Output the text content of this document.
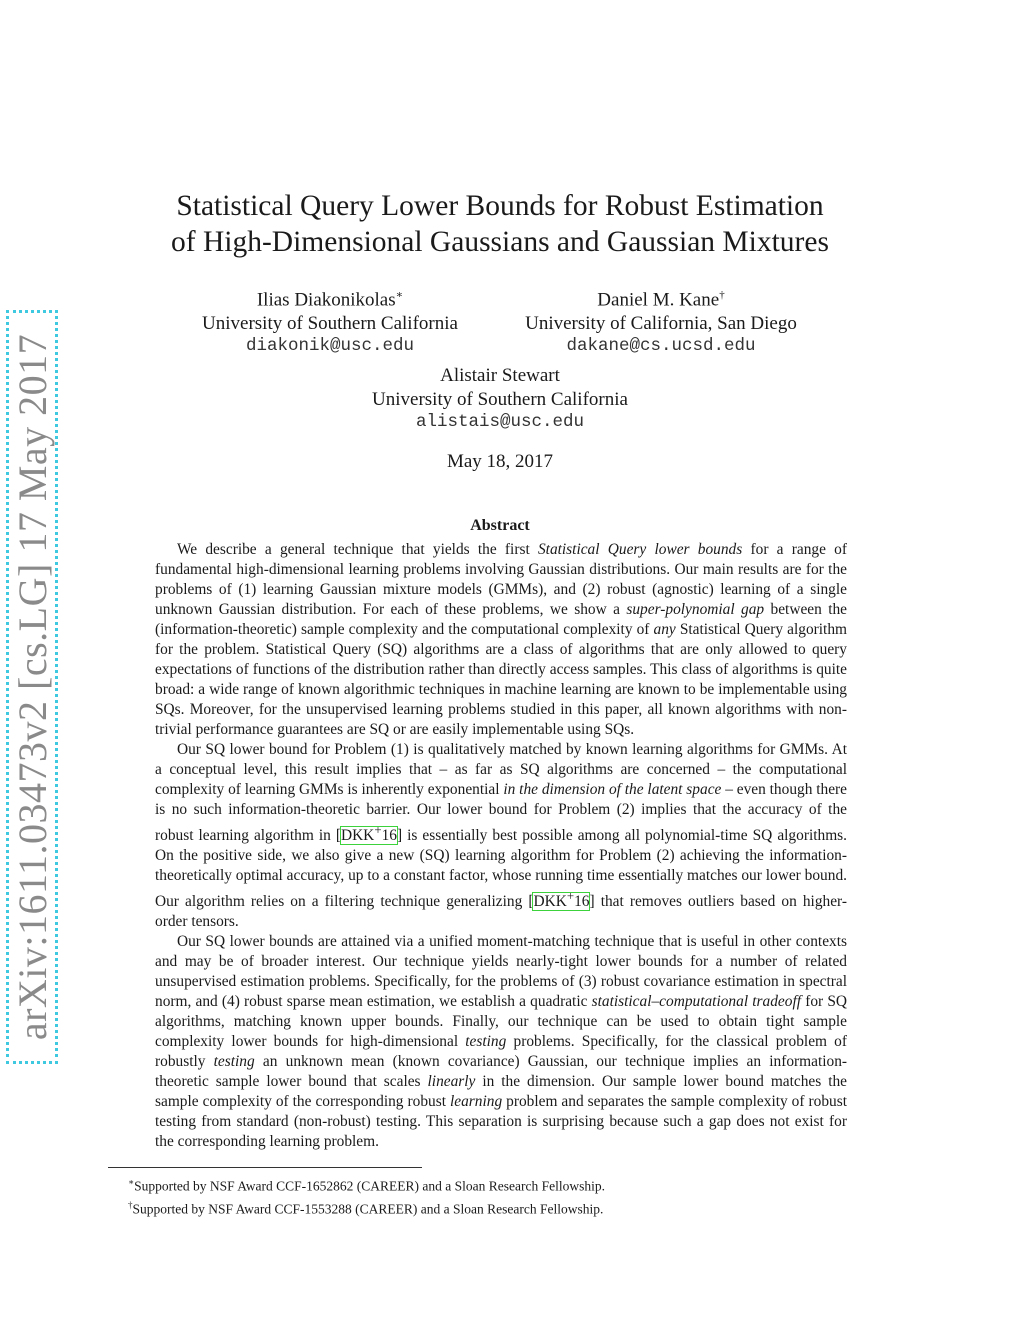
arXiv:1611.03473v2 [cs.LG] 17 May 2017
Statistical Query Lower Bounds for Robust Estimation
of High-Dimensional Gaussians and Gaussian Mixtures
Ilias Diakonikolas∗
University of Southern California
diakonik@usc.edu
Daniel M. Kane†
University of California, San Diego
dakane@cs.ucsd.edu
Alistair Stewart
University of Southern California
alistais@usc.edu
May 18, 2017
Abstract

We describe a general technique that yields the first Statistical Query lower bounds for a range of fundamental high-dimensional learning problems involving Gaussian distributions. Our main results are for the problems of (1) learning Gaussian mixture models (GMMs), and (2) robust (agnostic) learning of a single unknown Gaussian distribution. For each of these problems, we show a super-polynomial gap between the (information-theoretic) sample complexity and the computational complexity of any Statistical Query algorithm for the problem. Statistical Query (SQ) algorithms are a class of algorithms that are only allowed to query expectations of functions of the distribution rather than directly access samples. This class of algorithms is quite broad: a wide range of known algorithmic techniques in machine learning are known to be implementable using SQs. Moreover, for the unsupervised learning problems studied in this paper, all known algorithms with non-trivial performance guarantees are SQ or are easily implementable using SQs.

Our SQ lower bound for Problem (1) is qualitatively matched by known learning algorithms for GMMs. At a conceptual level, this result implies that – as far as SQ algorithms are concerned – the computational complexity of learning GMMs is inherently exponential in the dimension of the latent space – even though there is no such information-theoretic barrier. Our lower bound for Problem (2) implies that the accuracy of the robust learning algorithm in [DKK+16] is essentially best possible among all polynomial-time SQ algorithms. On the positive side, we also give a new (SQ) learning algorithm for Problem (2) achieving the information-theoretically optimal accuracy, up to a constant factor, whose running time essentially matches our lower bound. Our algorithm relies on a filtering technique generalizing [DKK+16] that removes outliers based on higher-order tensors.

Our SQ lower bounds are attained via a unified moment-matching technique that is useful in other contexts and may be of broader interest. Our technique yields nearly-tight lower bounds for a number of related unsupervised estimation problems. Specifically, for the problems of (3) robust covariance estimation in spectral norm, and (4) robust sparse mean estimation, we establish a quadratic statistical–computational tradeoff for SQ algorithms, matching known upper bounds. Finally, our technique can be used to obtain tight sample complexity lower bounds for high-dimensional testing problems. Specifically, for the classical problem of robustly testing an unknown mean (known covariance) Gaussian, our technique implies an information-theoretic sample lower bound that scales linearly in the dimension. Our sample lower bound matches the sample complexity of the corresponding robust learning problem and separates the sample complexity of robust testing from standard (non-robust) testing. This separation is surprising because such a gap does not exist for the corresponding learning problem.

∗Supported by NSF Award CCF-1652862 (CAREER) and a Sloan Research Fellowship.
†Supported by NSF Award CCF-1553288 (CAREER) and a Sloan Research Fellowship.
